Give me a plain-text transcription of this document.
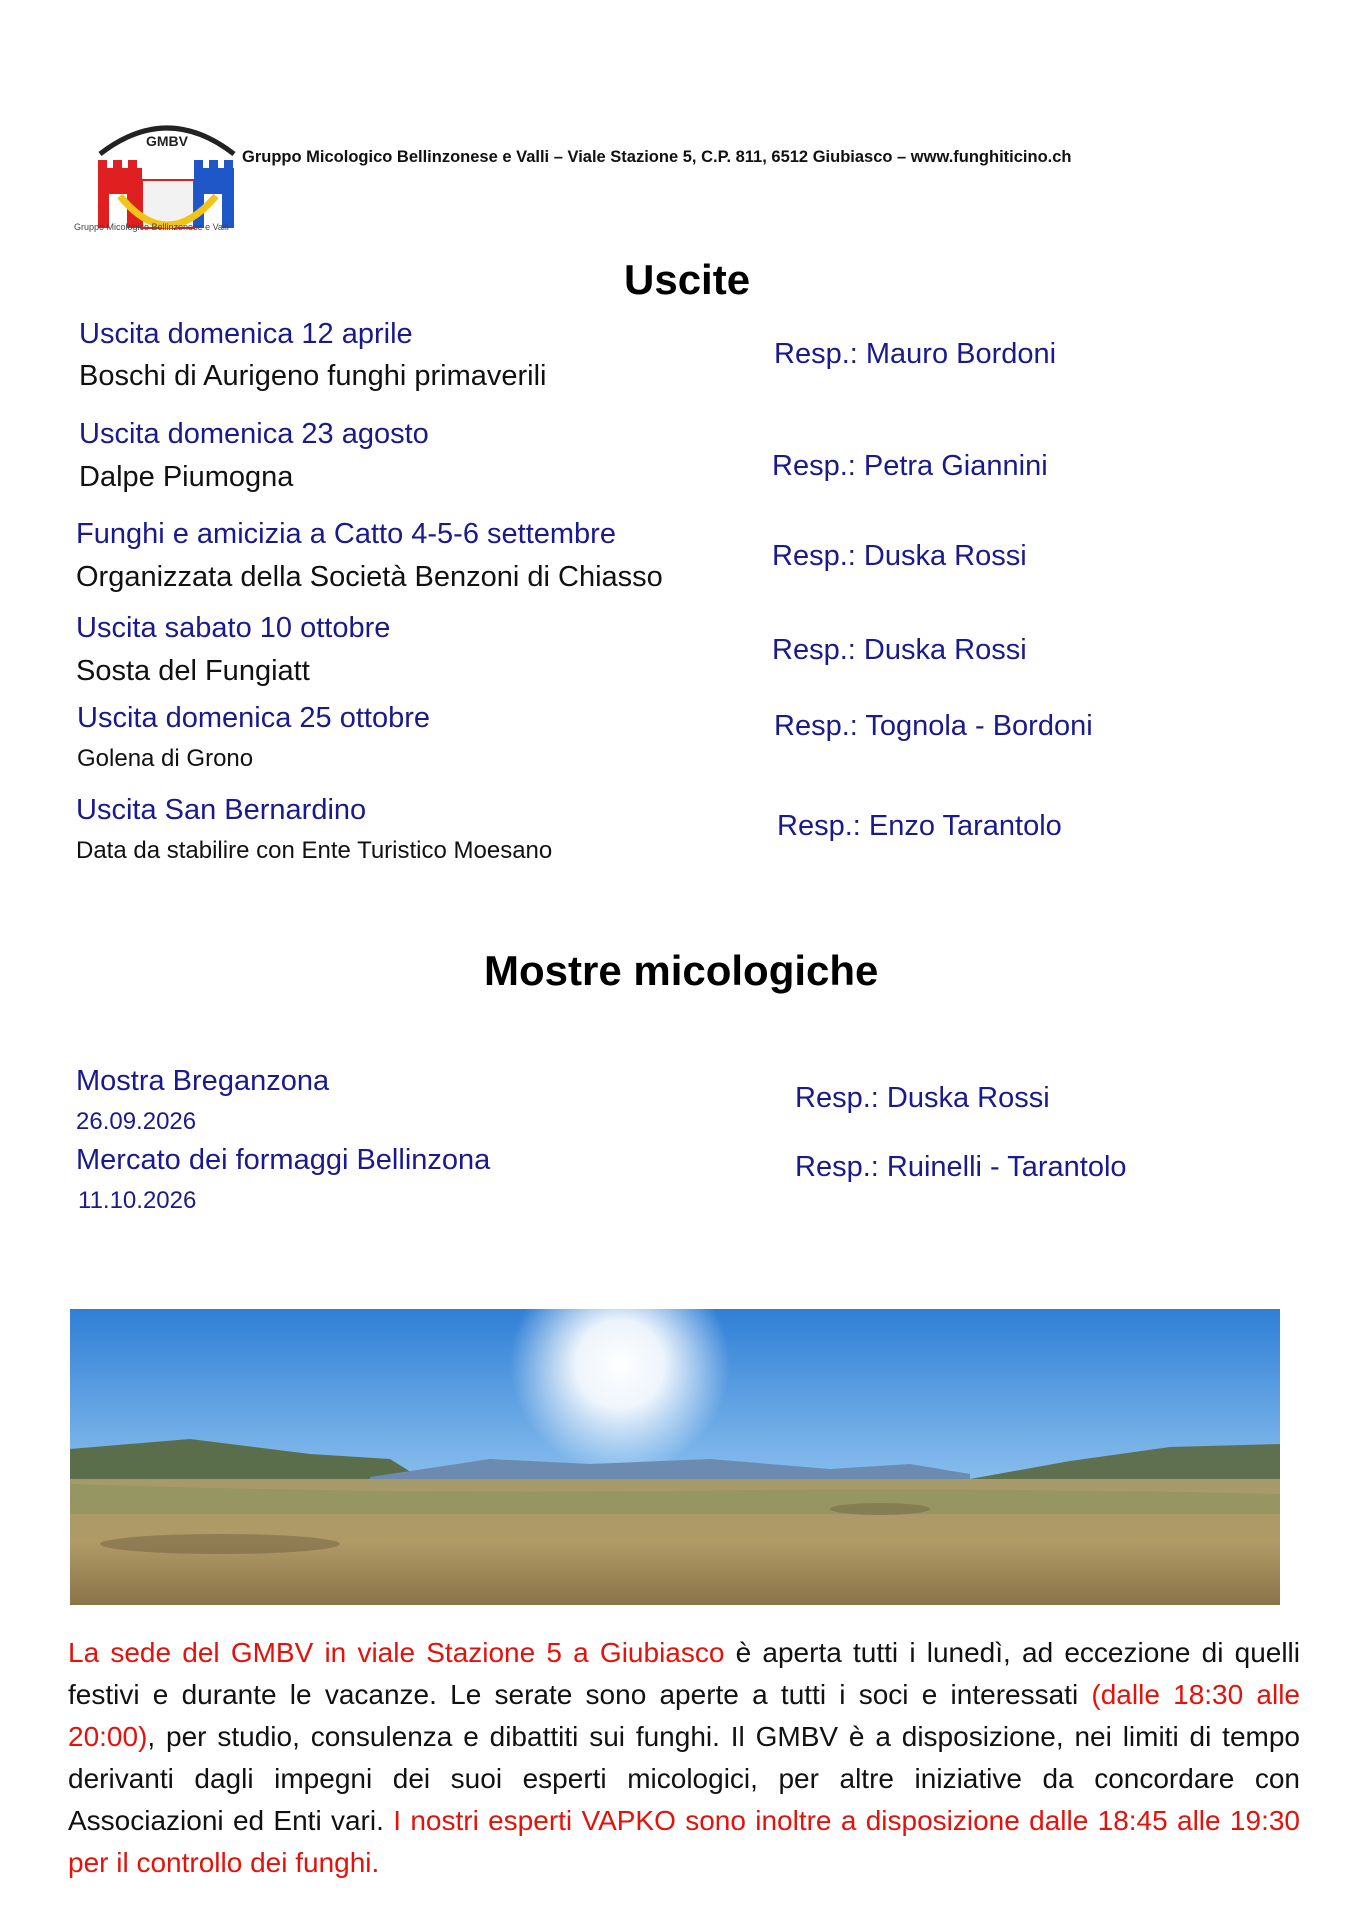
GMBV
Gruppo Micologico Bellinzonese e Valli
Gruppo Micologico Bellinzonese e Valli – Viale Stazione 5, C.P. 811, 6512 Giubiasco – www.funghiticino.ch
Uscite
Uscita domenica 12 aprile
Boschi di Aurigeno funghi primaverili
Resp.: Mauro Bordoni
Uscita domenica 23 agosto
Dalpe Piumogna	Resp.: Petra Giannini
Funghi e amicizia a Catto 4-5-6 settembre
Organizzata della Società Benzoni di Chiasso
Resp.: Duska Rossi
Uscita sabato 10 ottobre
Sosta del Fungiatt
Resp.: Duska Rossi
Uscita domenica 25 ottobre
Golena di Grono
Resp.: Tognola - Bordoni
Uscita San Bernardino
Data da stabilire con Ente Turistico Moesano
Resp.: Enzo Tarantolo
Mostre micologiche
Mostra Breganzona
26.09.2026
Resp.: Duska Rossi
Mercato dei formaggi Bellinzona
11.10.2026
Resp.: Ruinelli - Tarantolo
La sede del GMBV in viale Stazione 5 a Giubiasco è aperta tutti i lunedì, ad eccezione di quelli festivi e durante le vacanze. Le serate sono aperte a tutti i soci e interessati (dalle 18:30 alle 20:00), per studio, consulenza e dibattiti sui funghi. Il GMBV è a disposizione, nei limiti di tempo derivanti dagli impegni dei suoi esperti micologici, per altre iniziative da concordare con Associazioni ed Enti vari. I nostri esperti VAPKO sono inoltre a disposizione dalle 18:45 alle 19:30 per il controllo dei funghi.
